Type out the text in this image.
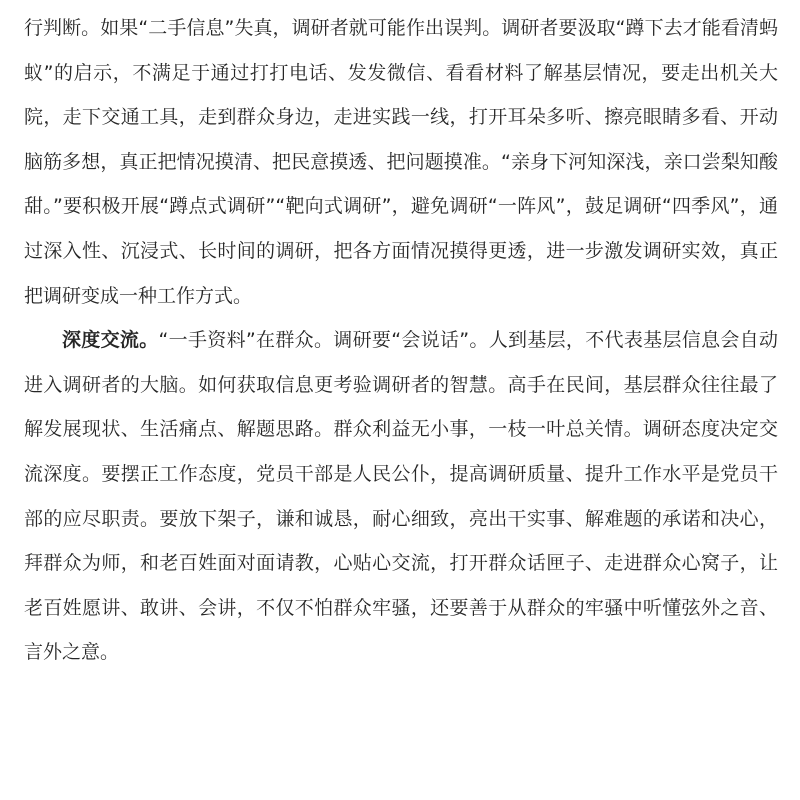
行判断。如果“二手信息”失真，调研者就可能作出误判。调研者要汲取“蹲下去才能看清蚂蚁”的启示，不满足于通过打打电话、发发微信、看看材料了解基层情况，要走出机关大院，走下交通工具，走到群众身边，走进实践一线，打开耳朵多听、擦亮眼睛多看、开动脑筋多想，真正把情况摸清、把民意摸透、把问题摸准。“亲身下河知深浅，亲口尝梨知酸甜。”要积极开展“蹲点式调研”“靶向式调研”，避免调研“一阵风”，鼓足调研“四季风”，通过深入性、沉浸式、长时间的调研，把各方面情况摸得更透，进一步激发调研实效，真正把调研变成一种工作方式。

深度交流。“一手资料”在群众。调研要“会说话”。人到基层，不代表基层信息会自动进入调研者的大脑。如何获取信息更考验调研者的智慧。高手在民间，基层群众往往最了解发展现状、生活痛点、解题思路。群众利益无小事，一枝一叶总关情。调研态度决定交流深度。要摆正工作态度，党员干部是人民公仆，提高调研质量、提升工作水平是党员干部的应尽职责。要放下架子，谦和诚恳，耐心细致，亮出干实事、解难题的承诺和决心，拜群众为师，和老百姓面对面请教，心贴心交流，打开群众话匣子、走进群众心窝子，让老百姓愿讲、敢讲、会讲，不仅不怕群众牢骚，还要善于从群众的牢骚中听懂弦外之音、言外之意。
